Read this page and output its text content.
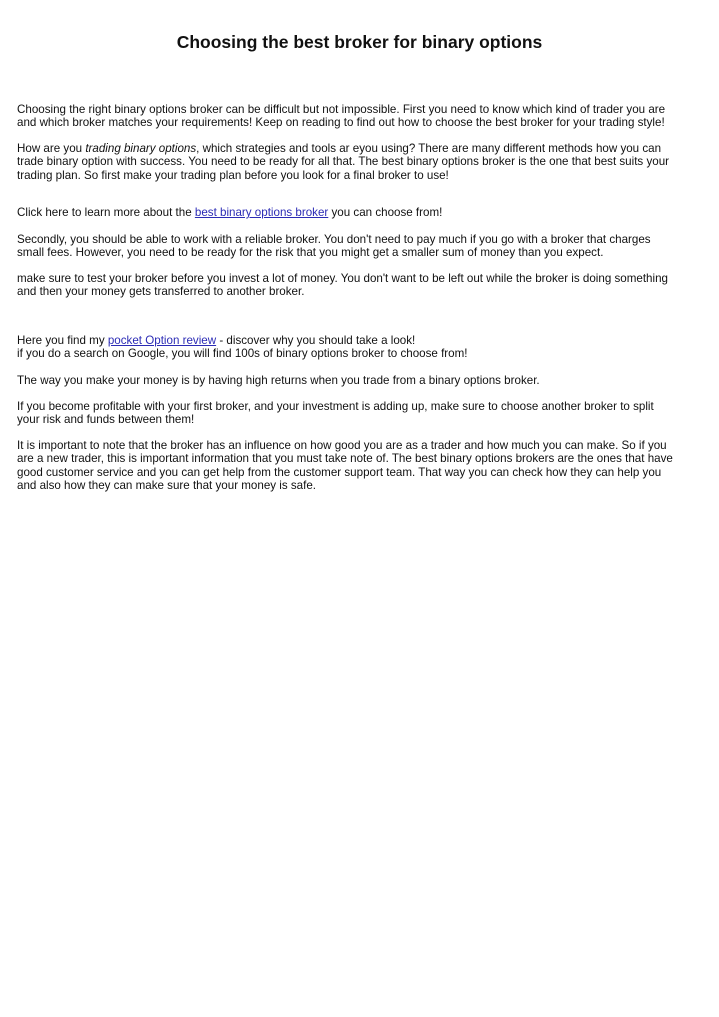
Choosing the best broker for binary options

Choosing the right binary options broker can be difficult but not impossible. First you need to know which kind of trader you are
and which broker matches your requirements! Keep on reading to find out how to choose the best broker for your trading style!

How are you trading binary options, which strategies and tools ar eyou using? There are many different methods how you can
trade binary option with success. You need to be ready for all that. The best binary options broker is the one that best suits your
trading plan. So first make your trading plan before you look for a final broker to use!

Click here to learn more about the best binary options broker you can choose from!

Secondly, you should be able to work with a reliable broker. You don't need to pay much if you go with a broker that charges
small fees. However, you need to be ready for the risk that you might get a smaller sum of money than you expect.

make sure to test your broker before you invest a lot of money. You don't want to be left out while the broker is doing something
and then your money gets transferred to another broker.

Here you find my pocket Option review - discover why you should take a look!
if you do a search on Google, you will find 100s of binary options broker to choose from!

The way you make your money is by having high returns when you trade from a binary options broker.

If you become profitable with your first broker, and your investment is adding up, make sure to choose another broker to split
your risk and funds between them!

It is important to note that the broker has an influence on how good you are as a trader and how much you can make. So if you
are a new trader, this is important information that you must take note of. The best binary options brokers are the ones that have
good customer service and you can get help from the customer support team. That way you can check how they can help you
and also how they can make sure that your money is safe.
